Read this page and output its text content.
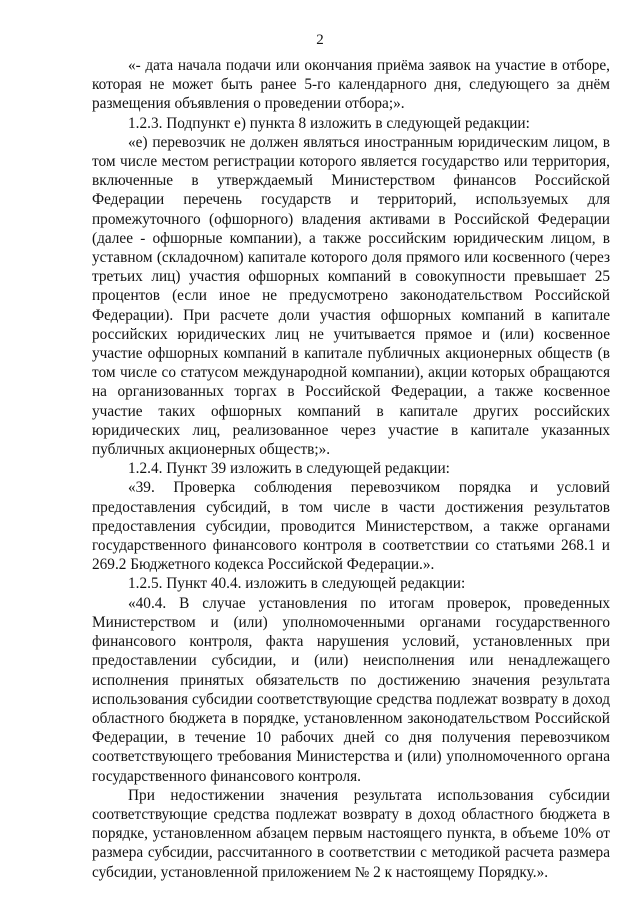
2

«- дата начала подачи или окончания приёма заявок на участие в отборе, которая не может быть ранее 5-го календарного дня, следующего за днём размещения объявления о проведении отбора;».

1.2.3. Подпункт е) пункта 8 изложить в следующей редакции:

«е) перевозчик не должен являться иностранным юридическим лицом, в том числе местом регистрации которого является государство или территория, включенные в утверждаемый Министерством финансов Российской Федерации перечень государств и территорий, используемых для промежуточного (офшорного) владения активами в Российской Федерации (далее - офшорные компании), а также российским юридическим лицом, в уставном (складочном) капитале которого доля прямого или косвенного (через третьих лиц) участия офшорных компаний в совокупности превышает 25 процентов (если иное не предусмотрено законодательством Российской Федерации). При расчете доли участия офшорных компаний в капитале российских юридических лиц не учитывается прямое и (или) косвенное участие офшорных компаний в капитале публичных акционерных обществ (в том числе со статусом международной компании), акции которых обращаются на организованных торгах в Российской Федерации, а также косвенное участие таких офшорных компаний в капитале других российских юридических лиц, реализованное через участие в капитале указанных публичных акционерных обществ;».

1.2.4. Пункт 39 изложить в следующей редакции:

«39. Проверка соблюдения перевозчиком порядка и условий предоставления субсидий, в том числе в части достижения результатов предоставления субсидии, проводится Министерством, а также органами государственного финансового контроля в соответствии со статьями 268.1 и 269.2 Бюджетного кодекса Российской Федерации.».

1.2.5. Пункт 40.4. изложить в следующей редакции:

«40.4. В случае установления по итогам проверок, проведенных Министерством и (или) уполномоченными органами государственного финансового контроля, факта нарушения условий, установленных при предоставлении субсидии, и (или) неисполнения или ненадлежащего исполнения принятых обязательств по достижению значения результата использования субсидии соответствующие средства подлежат возврату в доход областного бюджета в порядке, установленном законодательством Российской Федерации, в течение 10 рабочих дней со дня получения перевозчиком соответствующего требования Министерства и (или) уполномоченного органа государственного финансового контроля.

При недостижении значения результата использования субсидии соответствующие средства подлежат возврату в доход областного бюджета в порядке, установленном абзацем первым настоящего пункта, в объеме 10% от размера субсидии, рассчитанного в соответствии с методикой расчета размера субсидии, установленной приложением № 2 к настоящему Порядку.».
